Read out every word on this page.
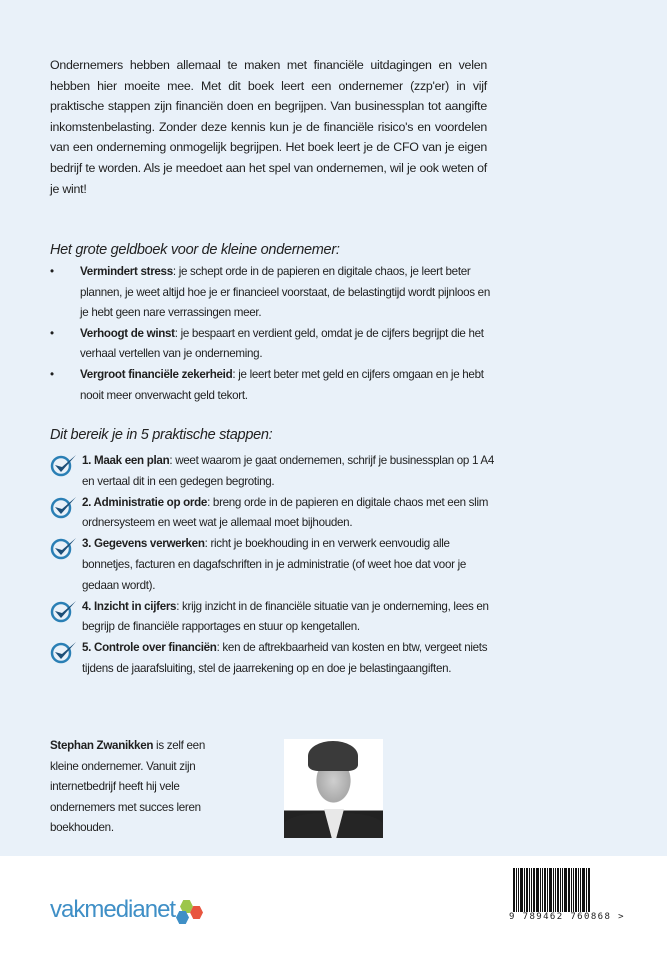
Ondernemers hebben allemaal te maken met financiële uitdagingen en velen hebben hier moeite mee. Met dit boek leert een ondernemer (zzp'er) in vijf praktische stappen zijn financiën doen en begrijpen. Van businessplan tot aangifte inkomstenbelasting. Zonder deze kennis kun je de financiële risico's en voordelen van een onderneming onmogelijk begrijpen. Het boek leert je de CFO van je eigen bedrijf te worden. Als je meedoet aan het spel van ondernemen, wil je ook weten of je wint!

Het grote geldboek voor de kleine ondernemer:
• Vermindert stress: je schept orde in de papieren en digitale chaos, je leert beter plannen, je weet altijd hoe je er financieel voorstaat, de belastingtijd wordt pijnloos en je hebt geen nare verrassingen meer.
• Verhoogt de winst: je bespaart en verdient geld, omdat je de cijfers begrijpt die het verhaal vertellen van je onderneming.
• Vergroot financiële zekerheid: je leert beter met geld en cijfers omgaan en je hebt nooit meer onverwacht geld tekort.
Dit bereik je in 5 praktische stappen:
1. Maak een plan: weet waarom je gaat ondernemen, schrijf je businessplan op 1 A4 en vertaal dit in een gedegen begroting.
2. Administratie op orde: breng orde in de papieren en digitale chaos met een slim ordnersysteem en weet wat je allemaal moet bijhouden.
3. Gegevens verwerken: richt je boekhouding in en verwerk eenvoudig alle bonnetjes, facturen en dagafschriften in je administratie (of weet hoe dat voor je gedaan wordt).
4. Inzicht in cijfers: krijg inzicht in de financiële situatie van je onderneming, lees en begrijp de financiële rapportages en stuur op kengetallen.
5. Controle over financiën: ken de aftrekbaarheid van kosten en btw, vergeet niets tijdens de jaarafsluiting, stel de jaarrekening op en doe je belastingaangiften.

Stephan Zwanikken is zelf een kleine ondernemer. Vanuit zijn internetbedrijf heeft hij vele ondernemers met succes leren boekhouden.

vakmedianet	9 789462 760868 >
